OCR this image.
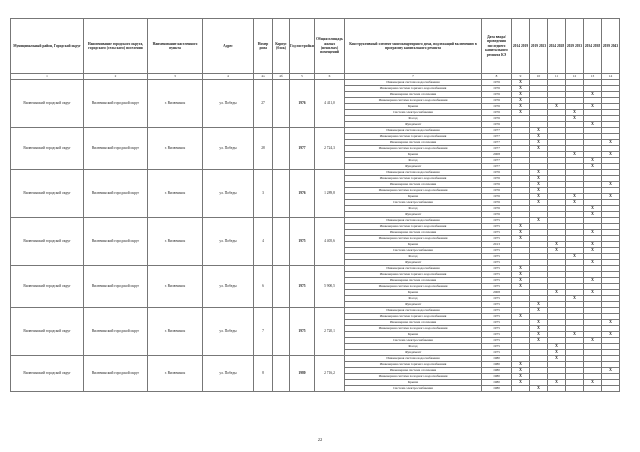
Муниципальный район, Городской округ	Наименование городского округа, городского (сельского) поселения	Наименование населенного пункта	Адрес	Номер дома	Корпус (блок)	Год постройки	Общая площадь жилых (нежилых) помещений	Конструктивный элемент многоквартирного дома, подлежащий включению в программу капитального ремонта	Дата ввода/проведения последнего капитального ремонта КЭ	2014 2019	2019 2023	2024 2028	2029 2033	2034 2038	2039 2043
1	2	3	4	4a	4б	5	6	7	8	9	10	11	12	13	14
Вилючинский городской округ	Вилючинский городской округ	г. Вилючинск	ул. Победы	27		1976	4 411,0	Инженерная система водоснабжения	1976	X					
								Инженерная система горячего водоснабжения	1976	X					
								Инженерная система отопления	1976	X				X	
								Инженерная система холодного водоснабжения	1976	X					
								Крыша	1976	X		X		X	
								Система электроснабжения	1976	X			X		
								Фасад	1976				X		
								Фундамент	1976					X	
Вилючинский городской округ	Вилючинский городской округ	г. Вилючинск	ул. Победы	28		1977	2 724,3	Инженерная система водоснабжения	1977		X				
								Инженерная система горячего водоснабжения	1977		X				
								Инженерная система отопления	1977		X				X
								Инженерная система холодного водоснабжения	1977		X				
								Крыша	2008				X		X
								Фасад	1977					X	
								Фундамент	1977					X	
Вилючинский городской округ	Вилючинский городской округ	г. Вилючинск	ул. Победы	3		1976	1 289,8	Инженерная система водоснабжения	1976		X				
								Инженерная система горячего водоснабжения	1976		X				
								Инженерная система отопления	1976		X				X
								Инженерная система холодного водоснабжения	1976		X				
								Крыша	1976		X		X		X
								Система электроснабжения	1976		X		X		
								Фасад	1976					X	
								Фундамент	1976					X	
Вилючинский городской округ	Вилючинский городской округ	г. Вилючинск	ул. Победы	4		1975	4 405,6	Инженерная система водоснабжения	1975		X				
								Инженерная система горячего водоснабжения	1975	X					
								Инженерная система отопления	1975	X				X	
								Инженерная система холодного водоснабжения	1975	X					
								Крыша	2013			X		X	
								Система электроснабжения	1975			X		X	
								Фасад	1975				X		
								Фундамент	1975					X	
Вилючинский городской округ	Вилючинский городской округ	г. Вилючинск	ул. Победы	6		1975	5 900,5	Инженерная система водоснабжения	1975	X					
								Инженерная система горячего водоснабжения	1975	X					
								Инженерная система отопления	1975	X				X	
								Инженерная система холодного водоснабжения	1975	X					
								Крыша	2008			X		X	
								Фасад	1975				X		
								Фундамент	1975		X				
Вилючинский городской округ	Вилючинский городской округ	г. Вилючинск	ул. Победы	7		1975	2 720,1	Инженерная система водоснабжения	1975		X				
								Инженерная система горячего водоснабжения	1975	X					
								Инженерная система отопления	1975		X				X
								Инженерная система холодного водоснабжения	1975		X				
								Крыша	1975		X		X		X
								Система электроснабжения	1975		X			X	
								Фасад	1975			X			
								Фундамент	1975			X			
Вилючинский городской округ	Вилючинский городской округ	г. Вилючинск	ул. Победы	8		1980	2 716,2	Инженерная система водоснабжения	1980			X			
								Инженерная система горячего водоснабжения	1980	X					
								Инженерная система отопления	1980	X					X
								Инженерная система холодного водоснабжения	1980	X					
								Крыша	1980	X		X		X	
								Система электроснабжения	1980		X				
22
